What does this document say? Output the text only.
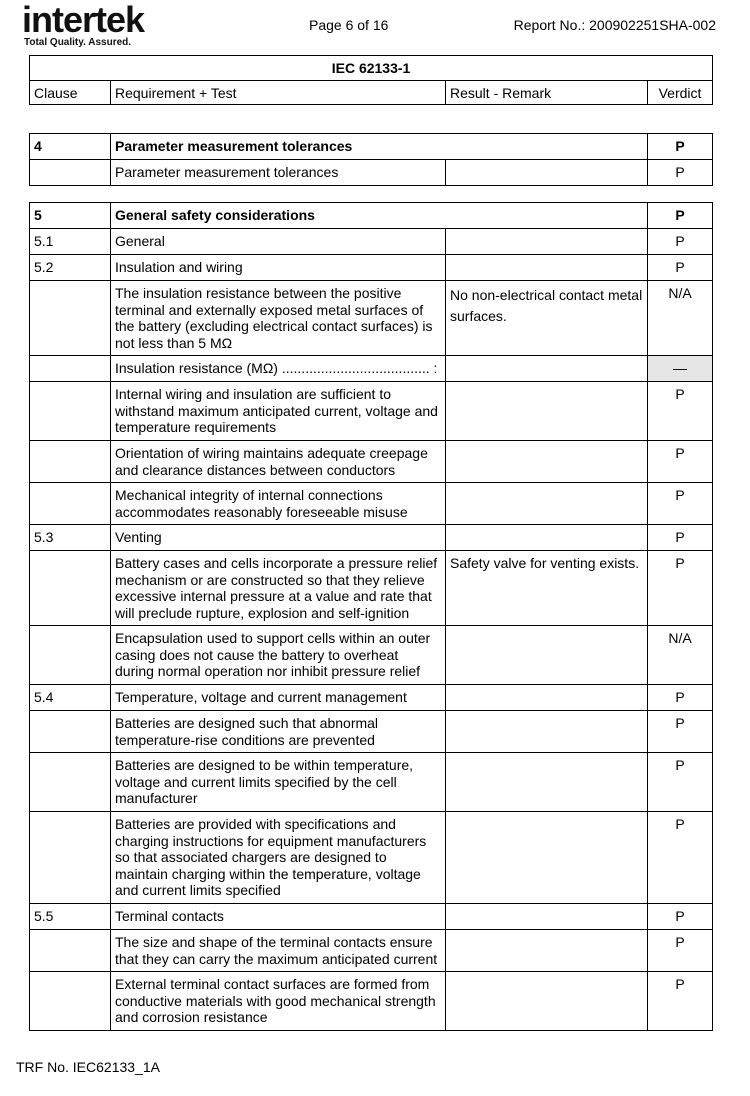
intertek
Total Quality. Assured.
Page 6 of 16	Report No.: 200902251SHA-002
IEC 62133-1
Clause	Requirement + Test	Result - Remark	Verdict
4	Parameter measurement tolerances		P
	Parameter measurement tolerances		P
5	General safety considerations		P
5.1	General		P
5.2	Insulation and wiring		P
	The insulation resistance between the positive terminal and externally exposed metal surfaces of the battery (excluding electrical contact surfaces) is not less than 5 MΩ	No non-electrical contact metal surfaces.	N/A
	Insulation resistance (MΩ) ...................................... :		—
	Internal wiring and insulation are sufficient to withstand maximum anticipated current, voltage and temperature requirements		P
	Orientation of wiring maintains adequate creepage and clearance distances between conductors		P
	Mechanical integrity of internal connections accommodates reasonably foreseeable misuse		P
5.3	Venting		P
	Battery cases and cells incorporate a pressure relief mechanism or are constructed so that they relieve excessive internal pressure at a value and rate that will preclude rupture, explosion and self-ignition	Safety valve for venting exists.	P
	Encapsulation used to support cells within an outer casing does not cause the battery to overheat during normal operation nor inhibit pressure relief		N/A
5.4	Temperature, voltage and current management		P
	Batteries are designed such that abnormal temperature-rise conditions are prevented		P
	Batteries are designed to be within temperature, voltage and current limits specified by the cell manufacturer		P
	Batteries are provided with specifications and charging instructions for equipment manufacturers so that associated chargers are designed to maintain charging within the temperature, voltage and current limits specified		P
5.5	Terminal contacts		P
	The size and shape of the terminal contacts ensure that they can carry the maximum anticipated current		P
	External terminal contact surfaces are formed from conductive materials with good mechanical strength and corrosion resistance		P
TRF No. IEC62133_1A
